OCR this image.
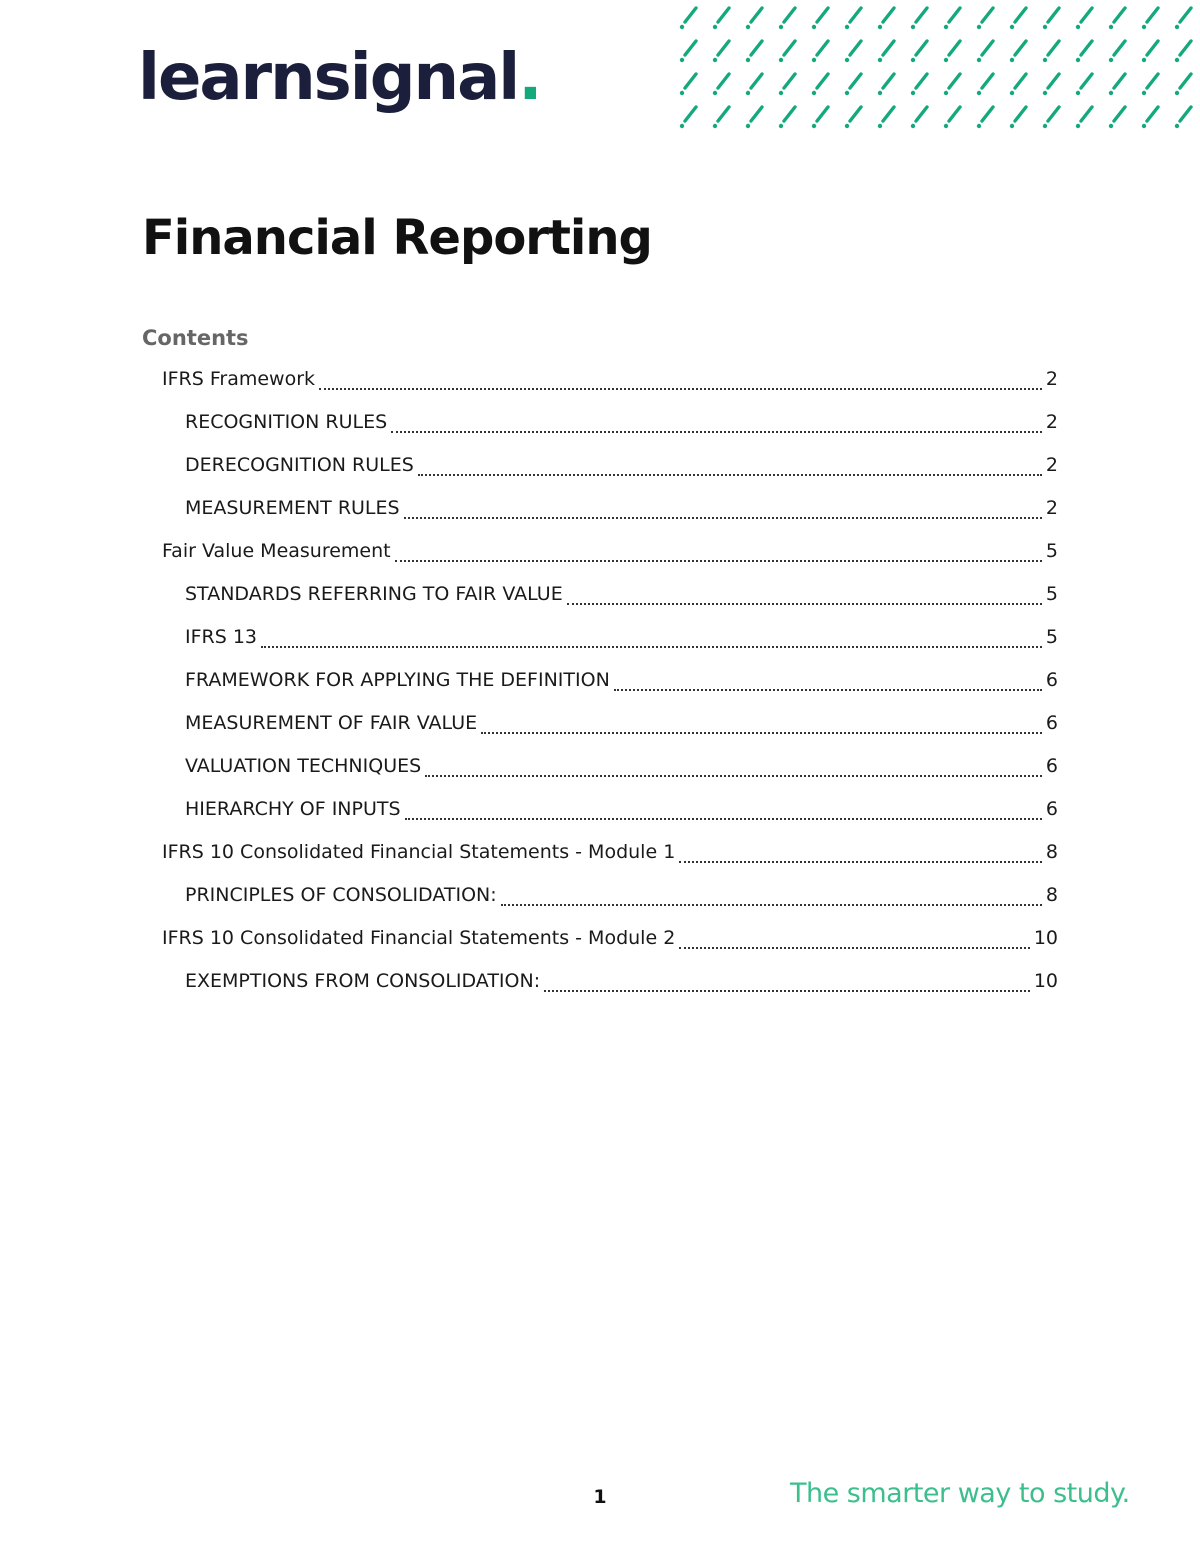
learnsignal.
Financial Reporting
Contents
IFRS Framework	2
RECOGNITION RULES	2
DERECOGNITION RULES	2
MEASUREMENT RULES	2
Fair Value Measurement	5
STANDARDS REFERRING TO FAIR VALUE	5
IFRS 13	5
FRAMEWORK FOR APPLYING THE DEFINITION	6
MEASUREMENT OF FAIR VALUE	6
VALUATION TECHNIQUES	6
HIERARCHY OF INPUTS	6
IFRS 10 Consolidated Financial Statements - Module 1	8
PRINCIPLES OF CONSOLIDATION:	8
IFRS 10 Consolidated Financial Statements - Module 2	10
EXEMPTIONS FROM CONSOLIDATION:	10
1	The smarter way to study.
